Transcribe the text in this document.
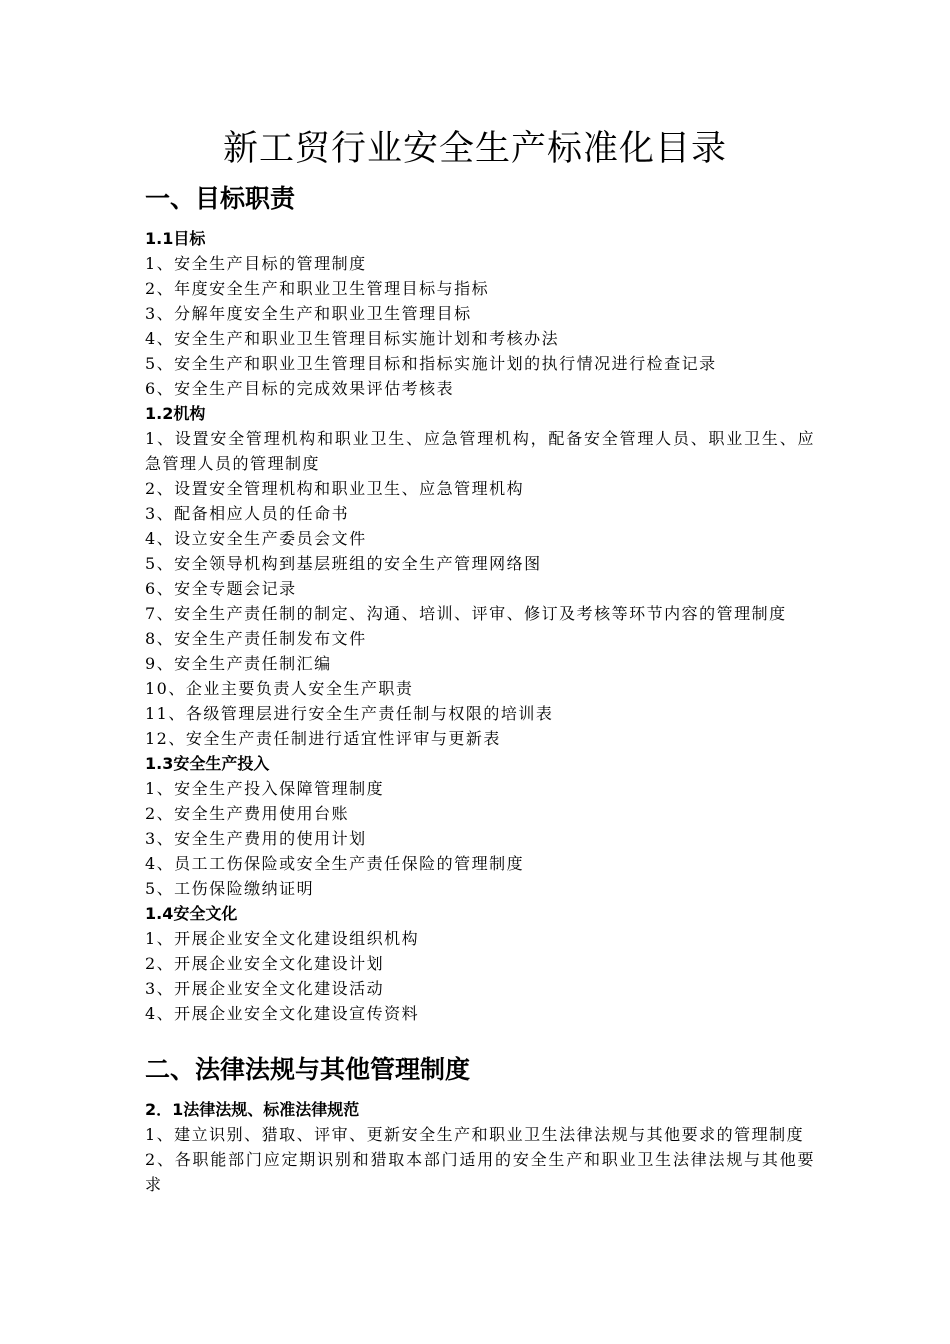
新工贸行业安全生产标准化目录
一、目标职责
1.1目标
1、安全生产目标的管理制度
2、年度安全生产和职业卫生管理目标与指标
3、分解年度安全生产和职业卫生管理目标
4、安全生产和职业卫生管理目标实施计划和考核办法
5、安全生产和职业卫生管理目标和指标实施计划的执行情况进行检查记录
6、安全生产目标的完成效果评估考核表
1.2机构
1、设置安全管理机构和职业卫生、应急管理机构，配备安全管理人员、职业卫生、应急管理人员的管理制度
2、设置安全管理机构和职业卫生、应急管理机构
3、配备相应人员的任命书
4、设立安全生产委员会文件
5、安全领导机构到基层班组的安全生产管理网络图
6、安全专题会记录
7、安全生产责任制的制定、沟通、培训、评审、修订及考核等环节内容的管理制度
8、安全生产责任制发布文件
9、安全生产责任制汇编
10、企业主要负责人安全生产职责
11、各级管理层进行安全生产责任制与权限的培训表
12、安全生产责任制进行适宜性评审与更新表
1.3安全生产投入
1、安全生产投入保障管理制度
2、安全生产费用使用台账
3、安全生产费用的使用计划
4、员工工伤保险或安全生产责任保险的管理制度
5、工伤保险缴纳证明
1.4安全文化
1、开展企业安全文化建设组织机构
2、开展企业安全文化建设计划
3、开展企业安全文化建设活动
4、开展企业安全文化建设宣传资料
二、法律法规与其他管理制度
2．1法律法规、标准法律规范
1、建立识别、猎取、评审、更新安全生产和职业卫生法律法规与其他要求的管理制度
2、各职能部门应定期识别和猎取本部门适用的安全生产和职业卫生法律法规与其他要求
